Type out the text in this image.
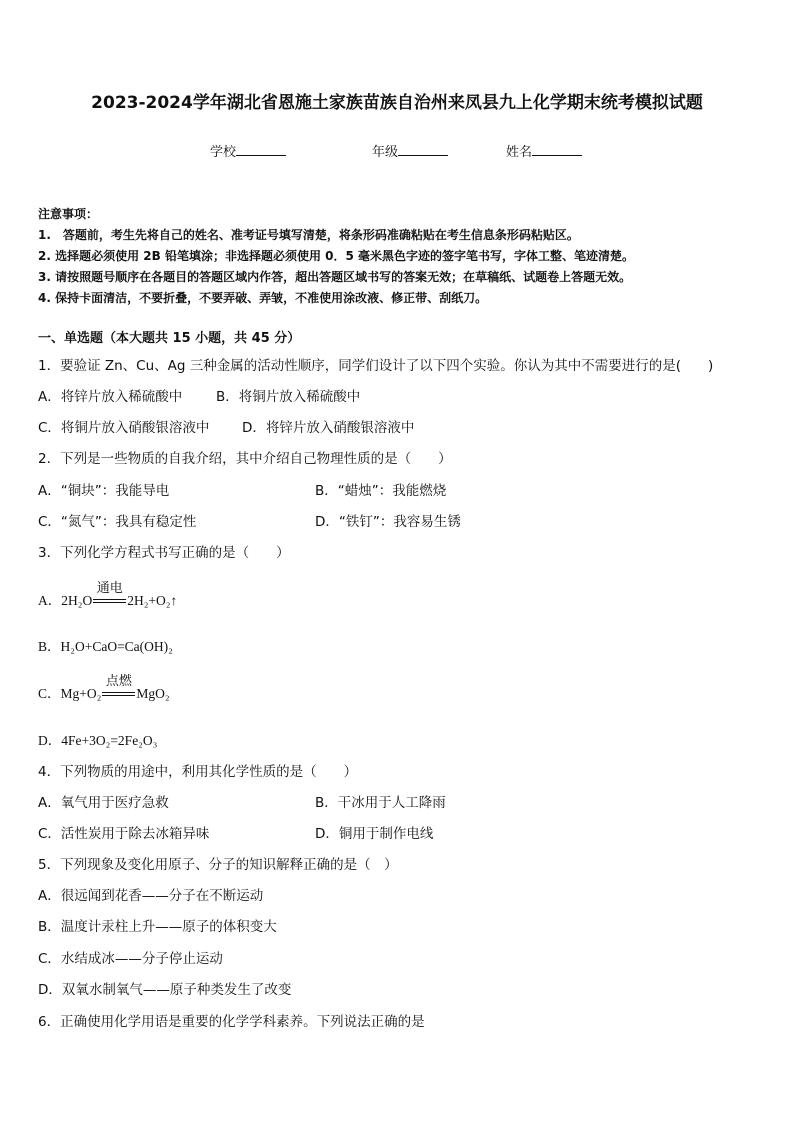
2023-2024学年湖北省恩施土家族苗族自治州来凤县九上化学期末统考模拟试题
学校	年级	姓名
注意事项：
1.　答题前，考生先将自己的姓名、准考证号填写清楚，将条形码准确粘贴在考生信息条形码粘贴区。
2. 选择题必须使用 2B 铅笔填涂；非选择题必须使用 0．5 毫米黑色字迹的签字笔书写，字体工整、笔迹清楚。
3. 请按照题号顺序在各题目的答题区域内作答，超出答题区域书写的答案无效；在草稿纸、试题卷上答题无效。
4. 保持卡面清洁，不要折叠，不要弄破、弄皱，不准使用涂改液、修正带、刮纸刀。
一、单选题（本大题共 15 小题，共 45 分）
1．要验证 Zn、Cu、Ag 三种金属的活动性顺序，同学们设计了以下四个实验。你认为其中不需要进行的是(　　)
A．将锌片放入稀硫酸中	B．将铜片放入稀硫酸中
C．将铜片放入硝酸银溶液中 D．将锌片放入硝酸银溶液中
2．下列是一些物质的自我介绍，其中介绍自己物理性质的是（　　）
A．“铜块”：我能导电	B．“蜡烛”：我能燃烧
C．“氮气”：我具有稳定性	D．“铁钉”：我容易生锈
3．下列化学方程式书写正确的是（　　）
A．2H₂O
通电
2H₂+O₂↑
B．H₂O+CaO=Ca(OH)₂
C．Mg+O₂
点燃
MgO₂
D．4Fe+3O₂=2Fe₂O₃
4．下列物质的用途中，利用其化学性质的是（　　）
A．氧气用于医疗急救	B．干冰用于人工降雨
C．活性炭用于除去冰箱异味	D．铜用于制作电线
5．下列现象及变化用原子、分子的知识解释正确的是（　）
A．很远闻到花香——分子在不断运动
B．温度计汞柱上升——原子的体积变大
C．水结成冰——分子停止运动
D．双氧水制氧气——原子种类发生了改变
6．正确使用化学用语是重要的化学学科素养。下列说法正确的是
